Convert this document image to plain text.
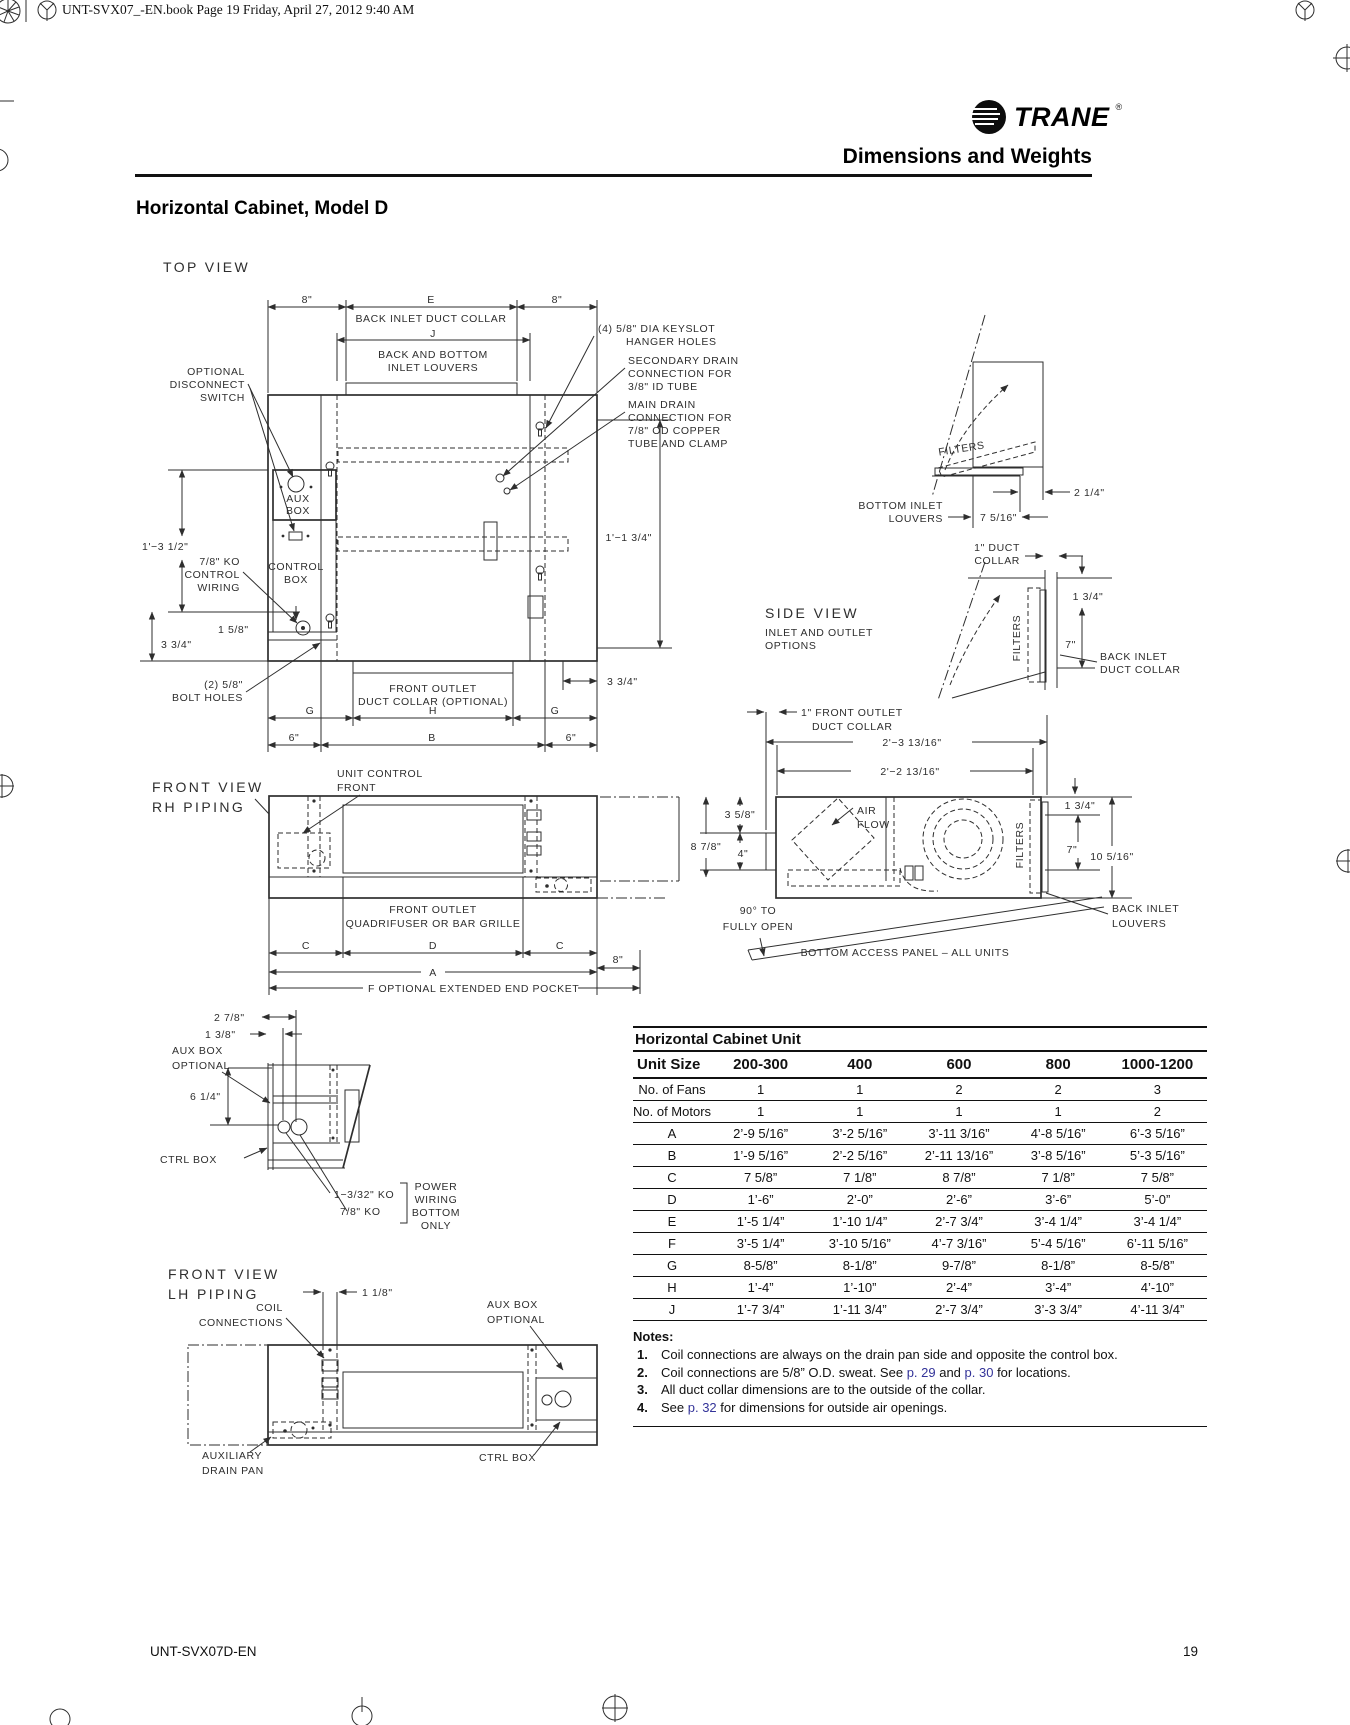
TOP VIEW
8"	E	8"
BACK INLET DUCT COLLAR
J
BACK AND BOTTOM
INLET LOUVERS
(4) 5/8" DIA KEYSLOT
HANGER HOLES
SECONDARY DRAIN
CONNECTION FOR
3/8" ID TUBE
MAIN DRAIN
CONNECTION FOR
7/8" OD COPPER
TUBE AND CLAMP
OPTIONAL
DISCONNECT
SWITCH
AUX
BOX
CONTROL
BOX
1'−3 1/2"
7/8" KO
CONTROL
WIRING
1 5/8"
3 3/4"
(2) 5/8"
BOLT HOLES
1'−1 3/4"
FRONT OUTLET
DUCT COLLAR (OPTIONAL)
3 3/4"
G	H	G
6"	B	6"
FILTERS
BOTTOM INLET
LOUVERS
2 1/4"
7 5/16"
SIDE VIEW
INLET AND OUTLET
OPTIONS
1" DUCT
COLLAR
1 3/4"
7"
FILTERS	BACK INLET
DUCT COLLAR
FRONT VIEW
RH PIPING
UNIT CONTROL
FRONT
FRONT OUTLET
QUADRIFUSER OR BAR GRILLE
C	D	C
A
8"
F OPTIONAL EXTENDED END POCKET
1" FRONT OUTLET
DUCT COLLAR
2'−3 13/16"
2'−2 13/16"
3 5/8"
8 7/8"
4"
AIR
FLOW	FILTERS
1 3/4"
7"
10 5/16"
90° TO
FULLY OPEN
BOTTOM ACCESS PANEL – ALL UNITS
BACK INLET
LOUVERS
2 7/8"
1 3/8"
AUX BOX
OPTIONAL
6 1/4"
CTRL BOX
1−3/32" KO
7/8" KO
POWER
WIRING
BOTTOM
ONLY
FRONT VIEW
LH PIPING	1 1/8"
COIL
CONNECTIONS
AUX BOX
OPTIONAL
AUXILIARY
DRAIN PAN
CTRL BOX
UNT-SVX07_-EN.book Page 19 Friday, April 27, 2012 9:40 AM
TRANE ®
Dimensions and Weights
Horizontal Cabinet, Model D
Horizontal Cabinet Unit
Unit Size	200-300	400	600	800	1000-1200
No. of Fans	1	1	2	2	3
No. of Motors	1	1	1	1	2
A	2’-9 5/16”	3’-2 5/16”	3’-11 3/16”	4’-8 5/16”	6’-3 5/16”
B	1’-9 5/16”	2’-2 5/16”	2’-11 13/16”	3’-8 5/16”	5’-3 5/16”
C	7 5/8”	7 1/8”	8 7/8”	7 1/8”	7 5/8”
D	1’-6”	2’-0”	2’-6”	3’-6”	5’-0”
E	1’-5 1/4”	1’-10 1/4”	2’-7 3/4”	3’-4 1/4”	3’-4 1/4”
F	3’-5 1/4”	3’-10 5/16”	4’-7 3/16”	5’-4 5/16”	6’-11 5/16”
G	8-5/8”	8-1/8”	9-7/8”	8-1/8”	8-5/8”
H	1’-4”	1’-10”	2’-4”	3’-4”	4’-10”
J	1’-7 3/4”	1’-11 3/4”	2’-7 3/4”	3’-3 3/4”	4’-11 3/4”
Notes:
1.	Coil connections are always on the drain pan side and opposite the control box.
2.	Coil connections are 5/8” O.D. sweat. See p. 29 and p. 30 for locations.
3.	All duct collar dimensions are to the outside of the collar.
4.	See p. 32 for dimensions for outside air openings.
UNT-SVX07D-EN	19
